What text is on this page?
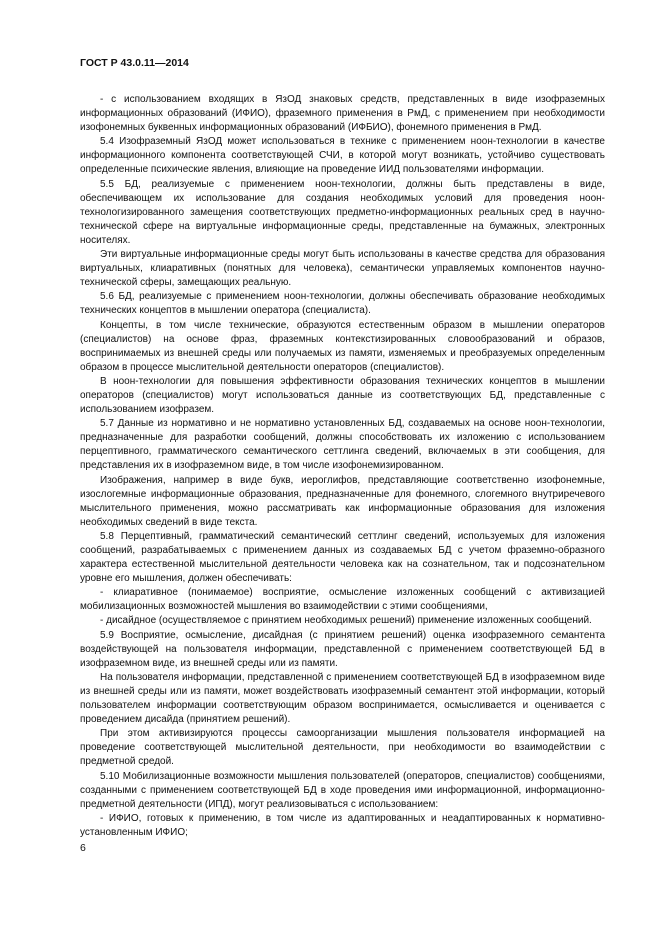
ГОСТ Р 43.0.11—2014

- с использованием входящих в ЯзОД знаковых средств, представленных в виде изофраземных информационных образований (ИФИО), фраземного применения в РмД, с применением при необходимости изофонемных буквенных информационных образований (ИФБИО), фонемного применения в РмД.

5.4 Изофраземный ЯзОД может использоваться в технике с применением ноон-технологии в качестве информационного компонента соответствующей СЧИ, в которой могут возникать, устойчиво существовать определенные психические явления, влияющие на проведение ИИД пользователями информации.

5.5 БД, реализуемые с применением ноон-технологии, должны быть представлены в виде, обеспечивающем их использование для создания необходимых условий для проведения ноон-технологизированного замещения соответствующих предметно-информационных реальных сред в научно-технической сфере на виртуальные информационные среды, представленные на бумажных, электронных носителях.

Эти виртуальные информационные среды могут быть использованы в качестве средства для образования виртуальных, клиаративных (понятных для человека), семантически управляемых компонентов научно-технической сферы, замещающих реальную.

5.6 БД, реализуемые с применением ноон-технологии, должны обеспечивать образование необходимых технических концептов в мышлении оператора (специалиста).

Концепты, в том числе технические, образуются естественным образом в мышлении операторов (специалистов) на основе фраз, фраземных контекстизированных словообразований и образов, воспринимаемых из внешней среды или получаемых из памяти, изменяемых и преобразуемых определенным образом в процессе мыслительной деятельности операторов (специалистов).

В ноон-технологии для повышения эффективности образования технических концептов в мышлении операторов (специалистов) могут использоваться данные из соответствующих БД, представленные с использованием изофразем.

5.7 Данные из нормативно и не нормативно установленных БД, создаваемых на основе ноон-технологии, предназначенные для разработки сообщений, должны способствовать их изложению с использованием перцептивного, грамматического семантического сеттлинга сведений, включаемых в эти сообщения, для представления их в изофраземном виде, в том числе изофонемизированном.

Изображения, например в виде букв, иероглифов, представляющие соответственно изофонемные, изослогемные информационные образования, предназначенные для фонемного, слогемного внутриречевого мыслительного применения, можно рассматривать как информационные образования для изложения необходимых сведений в виде текста.

5.8 Перцептивный, грамматический семантический сеттлинг сведений, используемых для изложения сообщений, разрабатываемых с применением данных из создаваемых БД с учетом фраземно-образного характера естественной мыслительной деятельности человека как на сознательном, так и подсознательном уровне его мышления, должен обеспечивать:

- клиаративное (понимаемое) восприятие, осмысление изложенных сообщений с активизацией мобилизационных возможностей мышления во взаимодействии с этими сообщениями,

- дисайдное (осуществляемое с принятием необходимых решений) применение изложенных сообщений.

5.9 Восприятие, осмысление, дисайдная (с принятием решений) оценка изофраземного семантента воздействующей на пользователя информации, представленной с применением соответствующей БД в изофраземном виде, из внешней среды или из памяти.

На пользователя информации, представленной с применением соответствующей БД в изофраземном виде из внешней среды или из памяти, может воздействовать изофраземный семантент этой информации, который пользователем информации соответствующим образом воспринимается, осмысливается и оценивается с проведением дисайда (принятием решений).

При этом активизируются процессы самоорганизации мышления пользователя информацией на проведение соответствующей мыслительной деятельности, при необходимости во взаимодействии с предметной средой.

5.10 Мобилизационные возможности мышления пользователей (операторов, специалистов) сообщениями, созданными с применением соответствующей БД в ходе проведения ими информационной, информационно-предметной деятельности (ИПД), могут реализовываться с использованием:

- ИФИО, готовых к применению, в том числе из адаптированных и неадаптированных к нормативно-установленным ИФИО;

6
